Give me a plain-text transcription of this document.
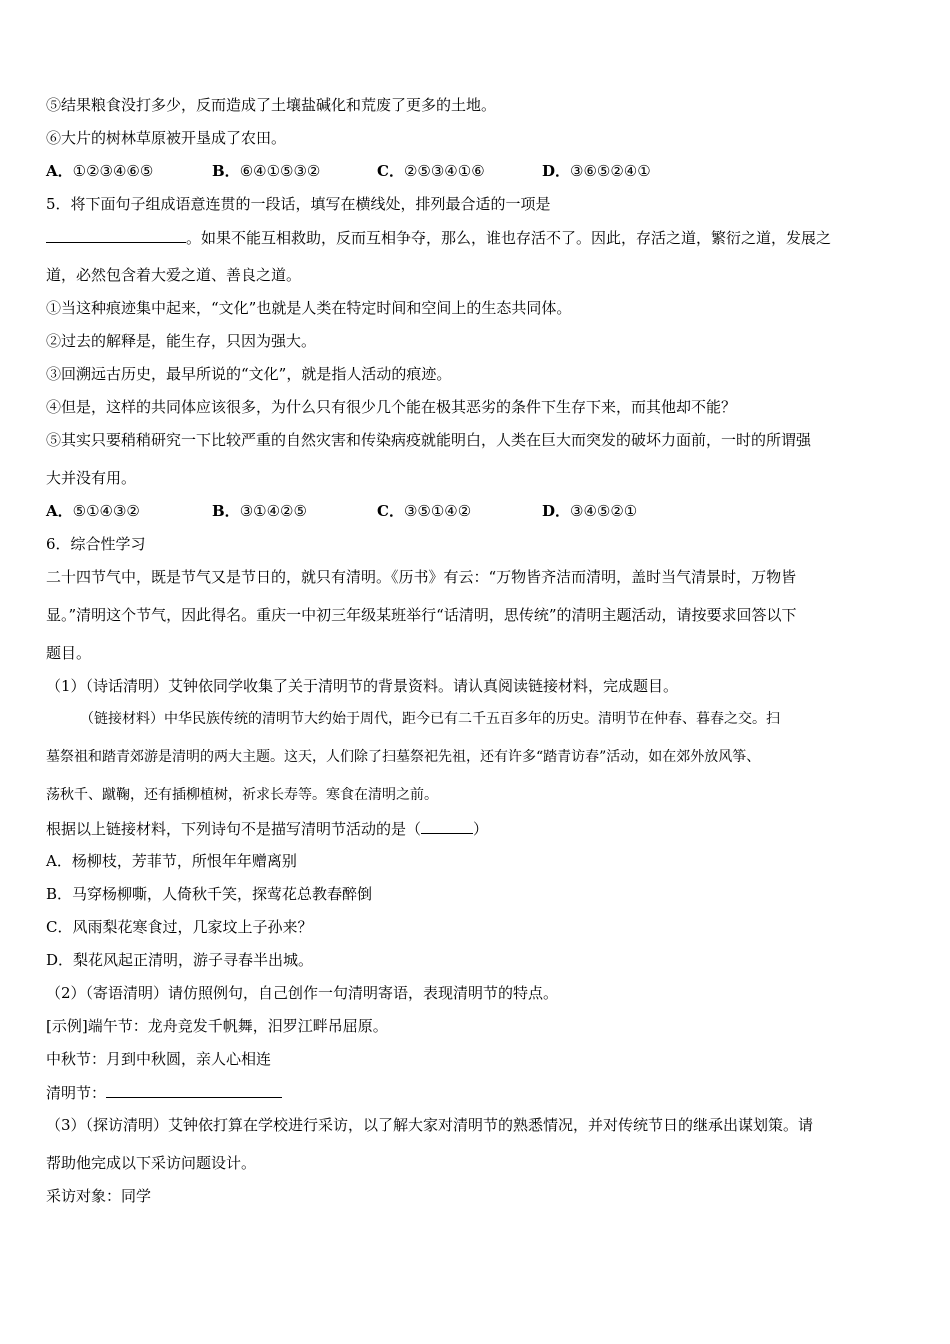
⑤结果粮食没打多少，反而造成了土壤盐碱化和荒废了更多的土地。
⑥大片的树林草原被开垦成了农田。
A．①②③④⑥⑤	B．⑥④①⑤③②	C．②⑤③④①⑥	D．③⑥⑤②④①
5．将下面句子组成语意连贯的一段话，填写在横线处，排列最合适的一项是
。如果不能互相救助，反而互相争夺，那么，谁也存活不了。因此，存活之道，繁衍之道，发展之
道，必然包含着大爱之道、善良之道。
①当这种痕迹集中起来，“文化”也就是人类在特定时间和空间上的生态共同体。
②过去的解释是，能生存，只因为强大。
③回溯远古历史，最早所说的“文化”，就是指人活动的痕迹。
④但是，这样的共同体应该很多，为什么只有很少几个能在极其恶劣的条件下生存下来，而其他却不能？
⑤其实只要稍稍研究一下比较严重的自然灾害和传染病疫就能明白，人类在巨大而突发的破坏力面前，一时的所谓强
大并没有用。
A．⑤①④③②	B．③①④②⑤	C．③⑤①④②	D．③④⑤②①
6．综合性学习
二十四节气中，既是节气又是节日的，就只有清明。《历书》有云：“万物皆齐洁而清明，盖时当气清景时，万物皆
显。”清明这个节气，因此得名。重庆一中初三年级某班举行“话清明，思传统”的清明主题活动，请按要求回答以下
题目。
（1）（诗话清明）艾钟依同学收集了关于清明节的背景资料。请认真阅读链接材料，完成题目。
（链接材料）中华民族传统的清明节大约始于周代，距今已有二千五百多年的历史。清明节在仲春、暮春之交。扫
墓祭祖和踏青郊游是清明的两大主题。这天，人们除了扫墓祭祀先祖，还有许多“踏青访春”活动，如在郊外放风筝、
荡秋千、蹴鞠，还有插柳植树，祈求长寿等。寒食在清明之前。
根据以上链接材料，下列诗句不是描写清明节活动的是（	）
A．杨柳枝，芳菲节，所恨年年赠离别
B．马穿杨柳嘶，人倚秋千笑，探莺花总教春醉倒
C．风雨梨花寒食过，几家坟上子孙来？
D．梨花风起正清明，游子寻春半出城。
（2）（寄语清明）请仿照例句，自己创作一句清明寄语，表现清明节的特点。
[示例]端午节：龙舟竞发千帆舞，汨罗江畔吊屈原。
中秋节：月到中秋圆，亲人心相连
清明节：
（3）（探访清明）艾钟依打算在学校进行采访，以了解大家对清明节的熟悉情况，并对传统节日的继承出谋划策。请
帮助他完成以下采访问题设计。
采访对象：同学
